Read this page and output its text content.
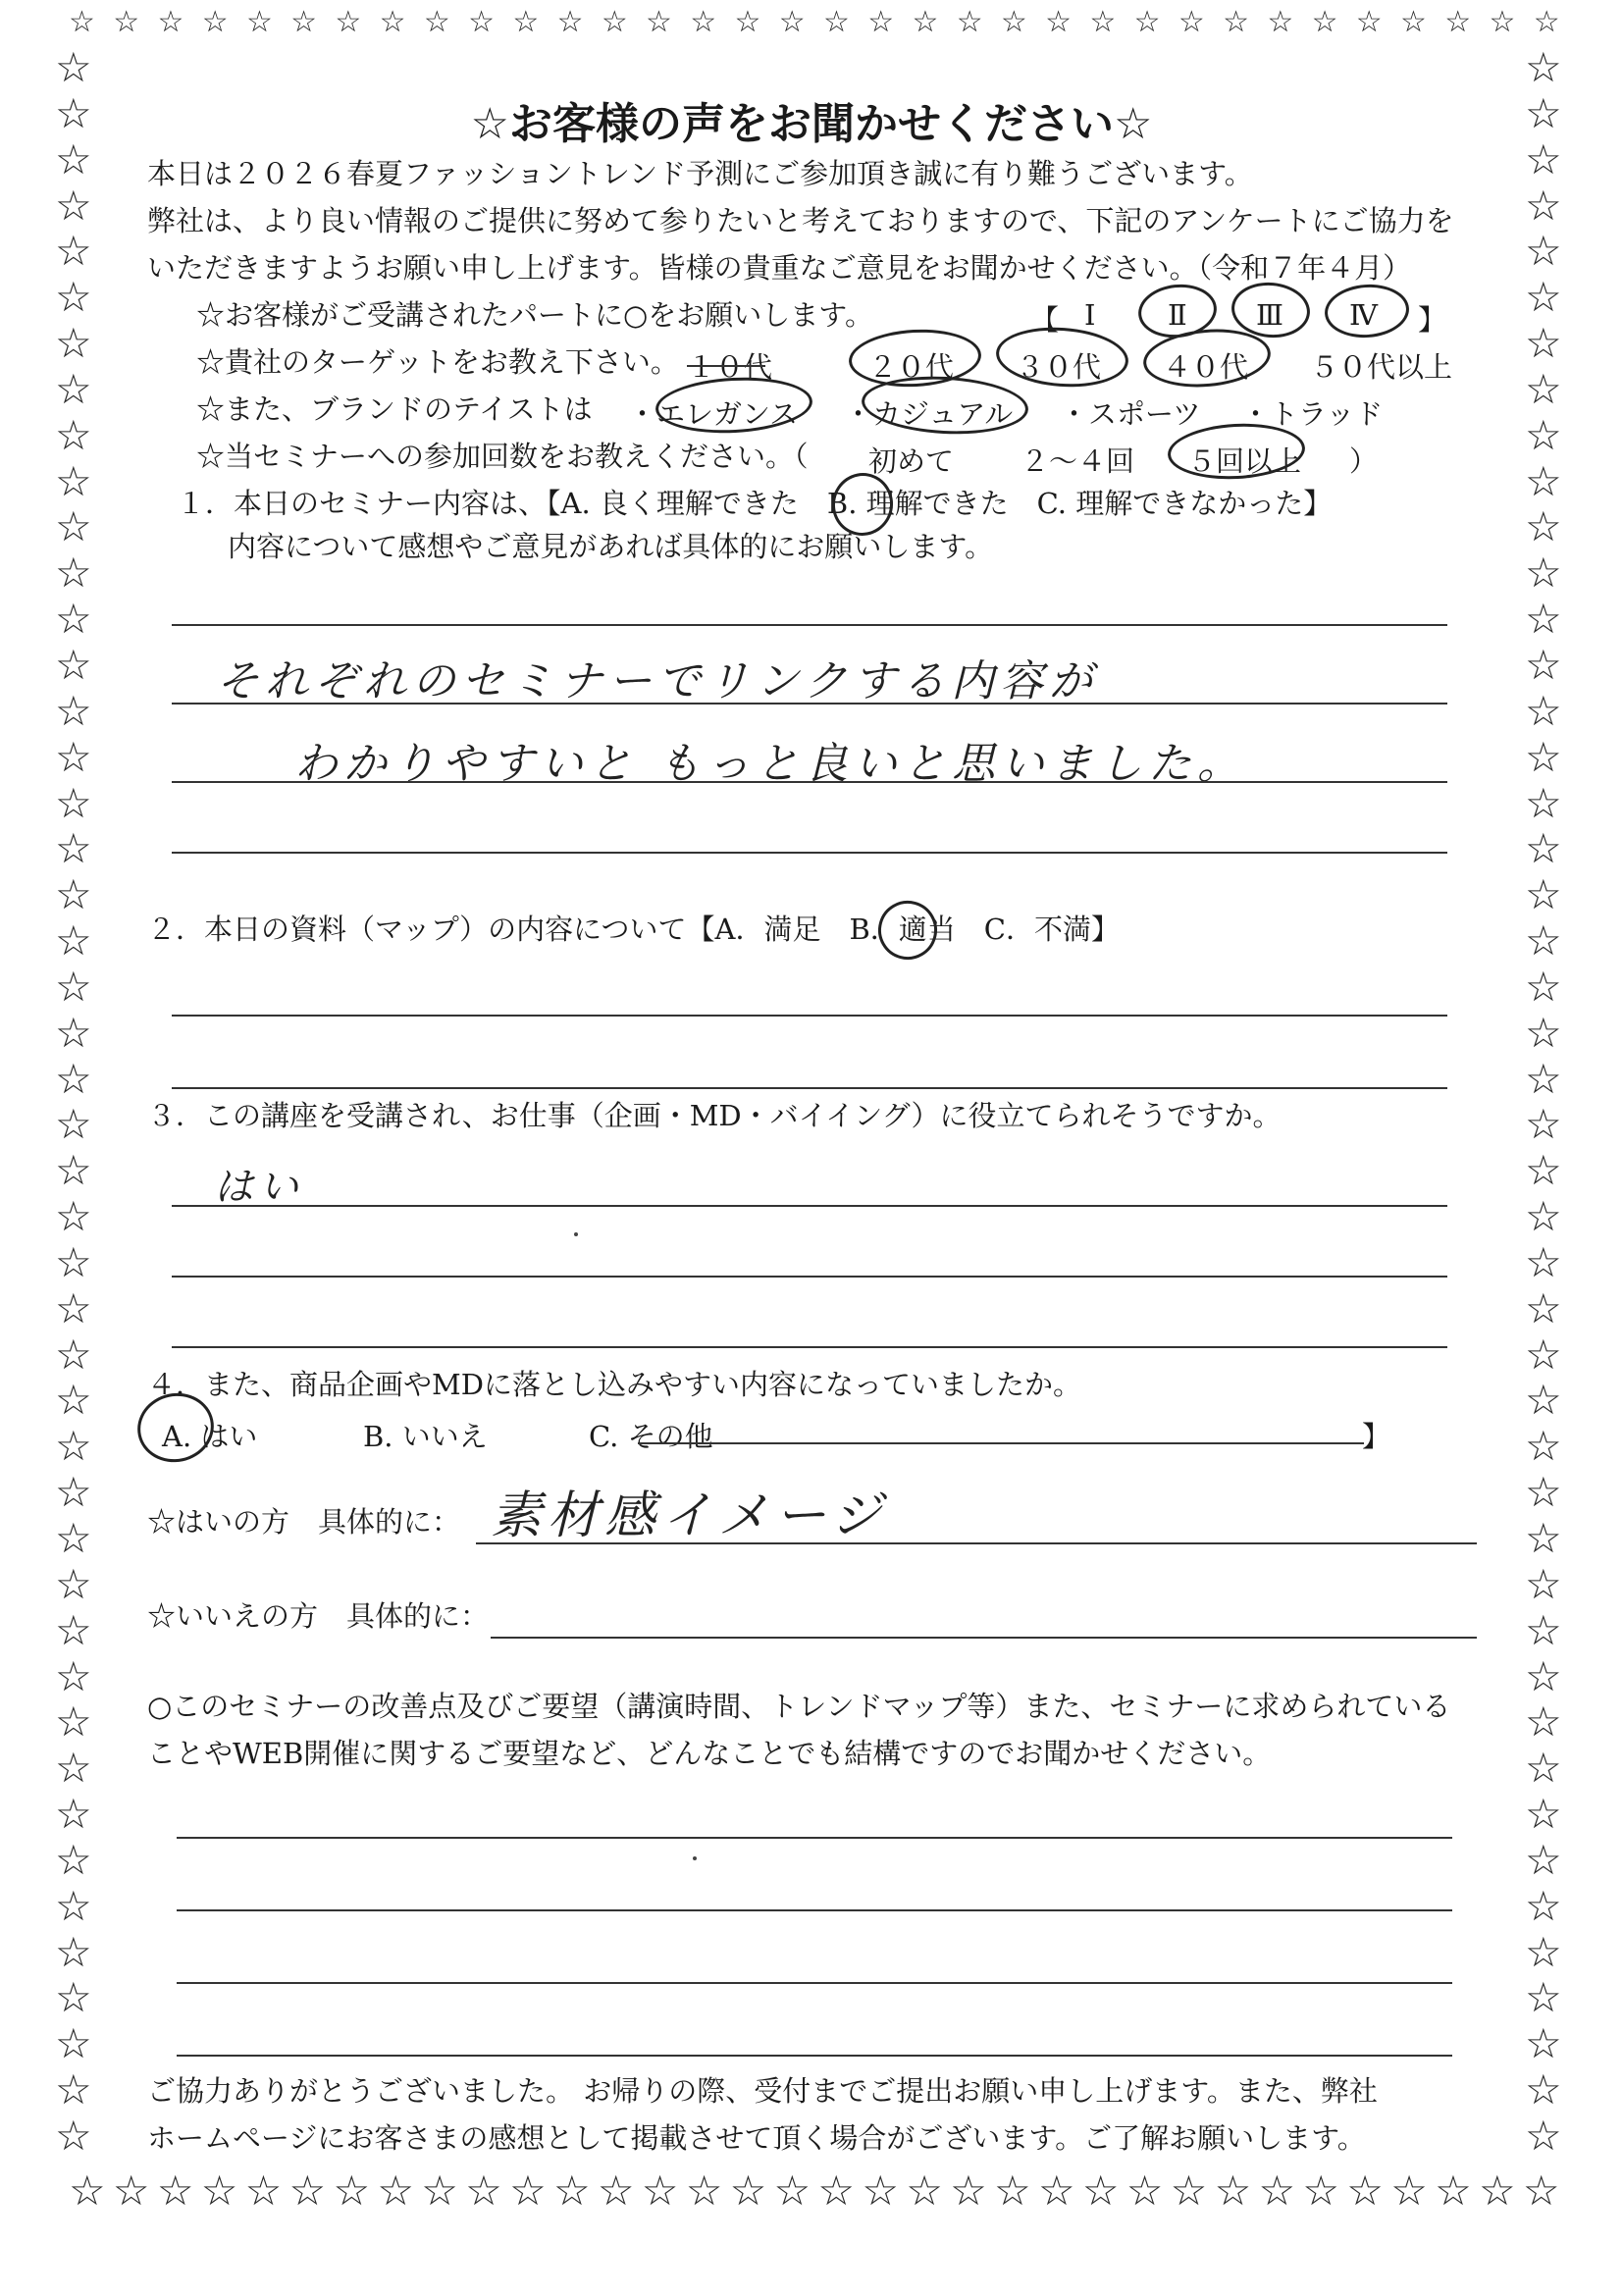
☆ ☆ ☆ ☆ ☆ ☆ ☆ ☆ ☆ ☆ ☆ ☆ ☆ ☆ ☆ ☆ ☆ ☆ ☆ ☆ ☆ ☆ ☆ ☆ ☆ ☆ ☆ ☆ ☆ ☆ ☆ ☆ ☆ ☆
☆ ☆ ☆ ☆ ☆ ☆ ☆ ☆ ☆ ☆ ☆ ☆ ☆ ☆ ☆ ☆ ☆ ☆ ☆ ☆ ☆ ☆ ☆ ☆ ☆ ☆ ☆ ☆ ☆ ☆ ☆ ☆ ☆ ☆
☆
☆
☆
☆
☆
☆
☆
☆
☆
☆
☆
☆
☆
☆
☆
☆
☆
☆
☆
☆
☆
☆
☆
☆
☆
☆
☆
☆
☆
☆
☆
☆
☆
☆
☆
☆
☆
☆
☆
☆
☆
☆
☆
☆
☆
☆
☆
☆
☆
☆
☆
☆
☆
☆
☆
☆
☆
☆
☆
☆
☆
☆
☆
☆
☆
☆
☆
☆
☆
☆
☆
☆
☆
☆
☆
☆
☆
☆
☆
☆
☆
☆
☆
☆
☆
☆
☆
☆
☆
☆
☆
☆
☆お客様の声をお聞かせください☆
本日は２０２６春夏ファッショントレンド予測にご参加頂き誠に有り難うございます。
弊社は、より良い情報のご提供に努めて参りたいと考えておりますので、下記のアンケートにご協力を
いただきますようお願い申し上げます。皆様の貴重なご意見をお聞かせください。（令和７年４月）
☆お客様がご受講されたパートに○をお願いします。	【 Ⅰ	Ⅱ Ⅲ Ⅳ 】
☆貴社のターゲットをお教え下さい。 １０代	２０代 ３０代 ４０代 ５０代以上
☆また、ブランドのテイストは ・エレガンス ・カジュアル ・スポーツ ・トラッド
☆当セミナーへの参加回数をお教えください。（ 初めて ２～４回 ５回以上 ）
１．本日のセミナー内容は、【A. 良く理解できた　B. 理解できた　C. 理解できなかった】
内容について感想やご意見があれば具体的にお願いします。
それぞれのセミナーでリンクする内容が
わかりやすいと もっと良いと思いました。
２．本日の資料（マップ）の内容について【A．満足　B．適当　C．不満】
３．この講座を受講され、お仕事（企画・MD・バイイング）に役立てられそうですか。
はい
４．また、商品企画やMDに落とし込みやすい内容になっていましたか。
A. はい	B. いいえ	C. その他	】
☆はいの方　具体的に： 素材感イメージ
☆いいえの方　具体的に：
○このセミナーの改善点及びご要望（講演時間、トレンドマップ等）また、セミナーに求められている
ことやWEB開催に関するご要望など、どんなことでも結構ですのでお聞かせください。
ご協力ありがとうございました。 お帰りの際、受付までご提出お願い申し上げます。また、弊社
ホームページにお客さまの感想として掲載させて頂く場合がございます。ご了解お願いします。
